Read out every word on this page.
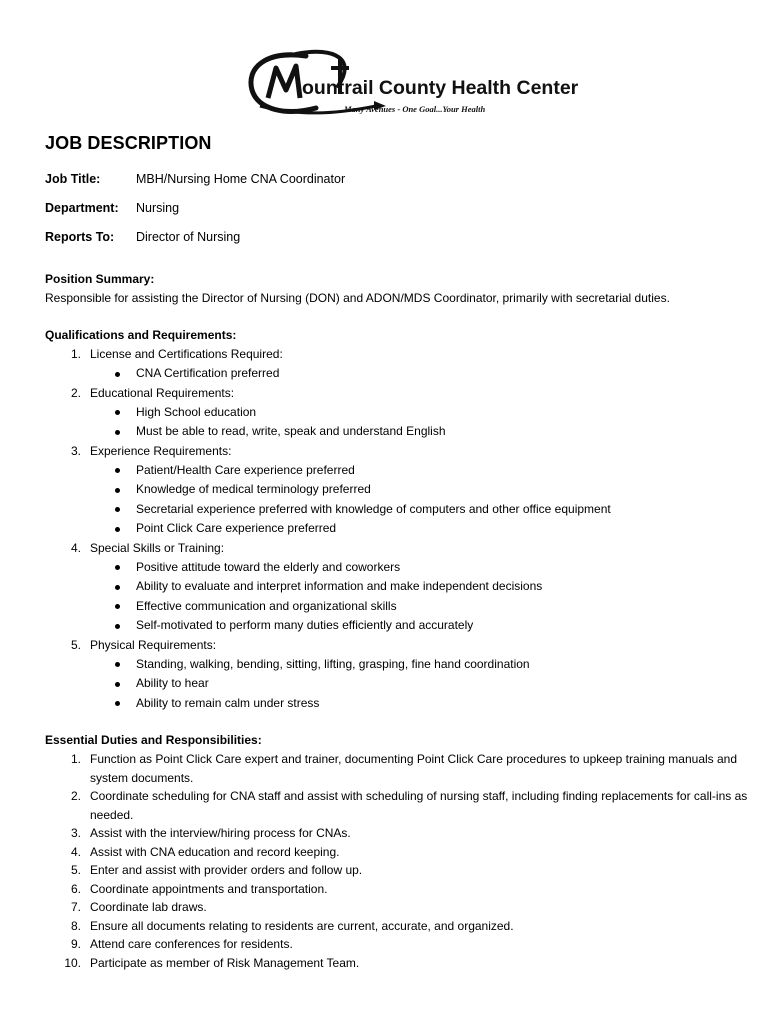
ountrail County Health Center
Many Avenues - One Goal...Your Health
JOB DESCRIPTION
Job Title:	MBH/Nursing Home CNA Coordinator
Department: Nursing
Reports To: Director of Nursing

Position Summary:

Responsible for assisting the Director of Nursing (DON) and ADON/MDS Coordinator, primarily with secretarial duties.

Qualifications and Requirements:

1. License and Certifications Required:
CNA Certification preferred
2. Educational Requirements:
High School education
Must be able to read, write, speak and understand English
3. Experience Requirements:
Patient/Health Care experience preferred
Knowledge of medical terminology preferred
Secretarial experience preferred with knowledge of computers and other office equipment
Point Click Care experience preferred
4. Special Skills or Training:
Positive attitude toward the elderly and coworkers
Ability to evaluate and interpret information and make independent decisions
Effective communication and organizational skills
Self-motivated to perform many duties efficiently and accurately
5. Physical Requirements:
Standing, walking, bending, sitting, lifting, grasping, fine hand coordination
Ability to hear
Ability to remain calm under stress

Essential Duties and Responsibilities:

1. Function as Point Click Care expert and trainer, documenting Point Click Care procedures to upkeep training manuals and system documents.
2. Coordinate scheduling for CNA staff and assist with scheduling of nursing staff, including finding replacements for call-ins as needed.
3. Assist with the interview/hiring process for CNAs.
4. Assist with CNA education and record keeping.
5. Enter and assist with provider orders and follow up.
6. Coordinate appointments and transportation.
7. Coordinate lab draws.
8. Ensure all documents relating to residents are current, accurate, and organized.
9. Attend care conferences for residents.
10. Participate as member of Risk Management Team.
